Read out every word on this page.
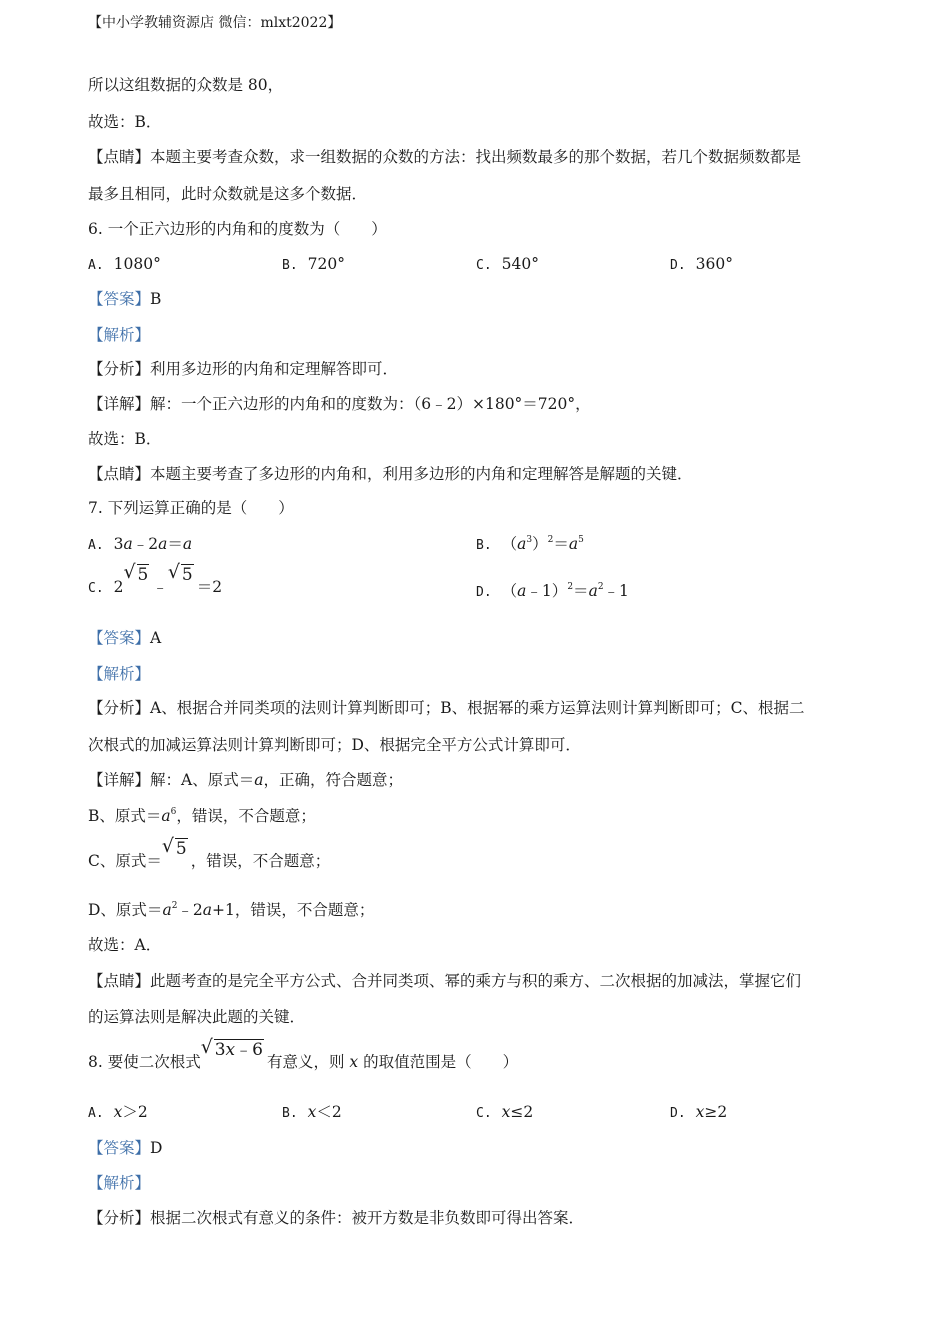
【中小学教辅资源店 微信：mlxt2022】
所以这组数据的众数是 80，
故选：B．
【点睛】本题主要考查众数，求一组数据的众数的方法：找出频数最多的那个数据，若几个数据频数都是
最多且相同，此时众数就是这多个数据．
6. 一个正六边形的内角和的度数为（　　）
A. 1080°	B. 720°	C. 540°	D. 360°
【答案】B
【解析】
【分析】利用多边形的内角和定理解答即可．
【详解】解：一个正六边形的内角和的度数为：（6﹣2）×180°＝720°，
故选：B．
【点睛】本题主要考查了多边形的内角和，利用多边形的内角和定理解答是解题的关键．
7. 下列运算正确的是（　　）
A. 3a﹣2a＝a	B. $(a^3)^2=a^5$
C. 2
√ 5﹣
√ 5＝2	D. $(a﹣1)^2=a^2﹣1$
【答案】A
【解析】
【分析】A、根据合并同类项的法则计算判断即可；B、根据幂的乘方运算法则计算判断即可；C、根据二
次根式的加减运算法则计算判断即可；D、根据完全平方公式计算即可．
【详解】解：A、原式＝a，正确，符合题意；
B、原式$=a^6$，错误，不合题意；
C、原式＝
√ 5，错误，不合题意；
D、原式$=a^2﹣2a+1$，错误，不合题意；
故选：A．
【点睛】此题考查的是完全平方公式、合并同类项、幂的乘方与积的乘方、二次根据的加减法，掌握它们
的运算法则是解决此题的关键．
8. 要使二次根式
√ 3x﹣6有意义，则 x 的取值范围是（　　）
A. x＞2	B. x＜2	C. x≤2	D. x≥2
【答案】D
【解析】
【分析】根据二次根式有意义的条件：被开方数是非负数即可得出答案．
